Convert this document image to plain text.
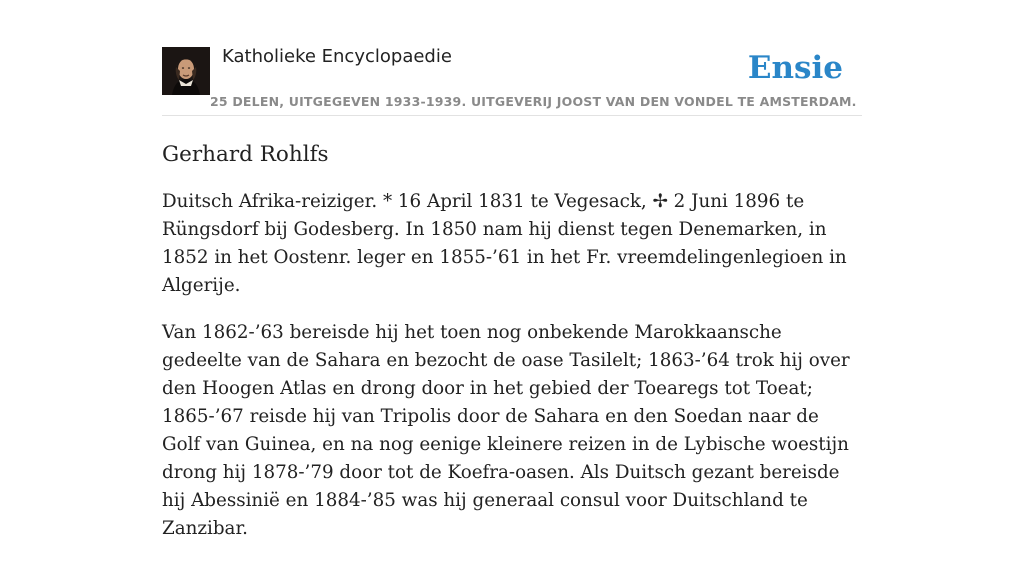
Katholieke Encyclopaedie
25 DELEN, UITGEGEVEN 1933-1939. UITGEVERIJ JOOST VAN DEN VONDEL TE AMSTERDAM.
Ensie
Gerhard Rohlfs

Duitsch Afrika-reiziger. * 16 April 1831 te Vegesack, ✢ 2 Juni 1896 te Rüngsdorf bij Godesberg. In 1850 nam hij dienst tegen Denemarken, in 1852 in het Oostenr. leger en 1855-’61 in het Fr. vreemdelingenlegioen in Algerije.

Van 1862-’63 bereisde hij het toen nog onbekende Marokkaansche gedeelte van de Sahara en bezocht de oase Tasilelt; 1863-’64 trok hij over den Hoogen Atlas en drong door in het gebied der Toearegs tot Toeat; 1865-’67 reisde hij van Tripolis door de Sahara en den Soedan naar de Golf van Guinea, en na nog eenige kleinere reizen in de Lybische woestijn drong hij 1878-’79 door tot de Koefra-oasen. Als Duitsch gezant bereisde hij Abessinië en 1884-’85 was hij generaal consul voor Duitschland te Zanzibar.
